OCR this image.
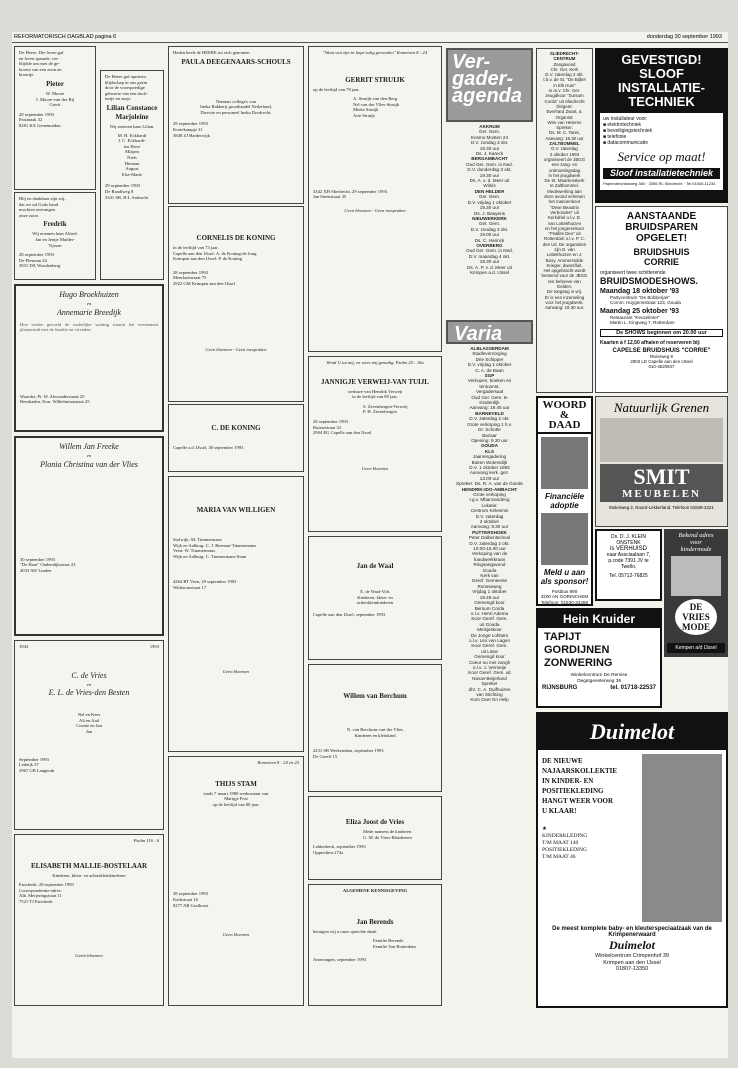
REFORMATORISCH DAGBLAD pagina 6	donderdag 30 september 1993
De Heere, Die leven gaf
en leven spaarde, ver-
blijdde ons met de ge-
boorte van een zoon en
broertje.
Pieter
W. Moore
J. Moore-van der Bij
Gerrit
28 september 1993
Pastinaak 32
8281 KX Genemuiden
De Heere gaf opnieuw
blijdschap in ons gezin
door de voorspoedige
geboorte van een doch-
tertje en zusje
Lilian Constance Marjoleine
Wij noemen haar Lilian.
M. H. Eckhardt
J. C. Eckhardt-
ten Hove
Mirjam
Niels
Herman
August
Else-Marie
29 september 1993
De Raadtweg 8
3341 SB, H.I. Ambacht
Blij en dankbaar zijn wij,
dat we uit Gods hand
mochten ontvangen
onze zoon
Fredrik
Wij noemen hem Alfred.
Jan en Jentje Mulder-
Tijssen
28 september 1993
De Plesman 24
3931 DX Woudenberg
Hugo Broekhuizen
en
Annemarie Breedijk
Hoe verder gevoeld de ouderlijke woning waarin het evenement plaatsvindt met de familie en vrienden.
Waarder, Pr. W. Alexanderstraat 25
Beesbaden, Kon. Wilhelminastraat 25
Willem Jan Freeke
en
Plonia Christina van der Vlies
30 september 1993
"De Haar" Oudendijkstraat 23
4033 AW Linden
1943	1993
C. de Vries
en
E. L. de Vries-den Besten
Nel en Kees
Ali en Aad
Coenie en Jan
Jan
September 1993
Ledeijk 37
2967 GB Langerak
Psalm 116 : 6
ELISABETH MALLIE-BOSTELAAR
Kinderen, klein- en achterkleinkinderen
Enschede, 28 september 1993
Correspondentie-adres:
Alb. Meijeringstraat 11
7521 TJ Enschede
Gezin bloemen
Heden heeft de HEERE tot zich genomen
PAULA DEEGENAARS-SCHOULS
Namens collega's van
Ineka Bakkerij groothandel Nederland,
Directie en personeel Ineka Dordrecht.
29 september 1993
Kortekampje 21
3848 ZJ Harderwijk
CORNELIS DE KONING
in de leeftijd van 73 jaar.
Capelle aan den IJssel: A. de Koning-de Jong
Krimpen aan den IJssel: P. de Koning
28 september 1993
Meerkoetstraat 75
2922 GM Krimpen aan den IJssel
Geen bloemen - Geen toespraken
C. DE KONING
Capelle a.d. IJssel, 30 september 1993
MARIA VAN WILLIGEN
Stolwijk: M. Timmermans
Wijk en Aalburg: C. J. Beeman-Timmermans
Veen: W. Timmermans
Wijk en Aalburg: C. Timmermans-Stam
4264 RT Veen, 29 september 1993
Withoornstraat 17
Geen bloemen
Romeinen 8 : 24 en 25
THIJS STAM
sinds 7 maart 1980 weduwnaar van
Marigje Post
op de leeftijd van 80 jaar.
28 september 1993
Kerkstraat 16
8277 AB Grafhorst
Geen bloemen
"Want wat zijn in hope zalig geworden" Romeinen 8 : 24
GERRIT STRUIJK
op de leeftijd van 78 jaar.
A. Struijk-van den Berg
Nel van der Vlies-Struijk
Mieke Struijk
Arie Struijk
3342 XH Sliedrecht, 29 september 1993
Jan Steenstraat 35
Geen bloemen - Geen toespraken
Wend U tot mij, en wees mij genadig. Psalm 25 : 16a
JANNIGJE VERWEIJ-VAN TUIJL
weduwe van Hendrik Verweij
in de leeftijd van 89 jaar.
S. Zevenbergen-Verweij
P. H. Zevenbergen
28 september 1993
Ruissestraat 33
2904 EG Capelle aan den IJssel
Geen bloemen
Jan de Waal
E. de Waal-Vols
Kinderen, klein- en
achterkleinkinderen
Capelle aan den IJssel, september 1993
Willem van Berchum
N. van Berchum-van der Vlies
Kinderen en kleinkind
4231 SB Werkendam, september 1993
De Greeff 15
Eliza Joost de Vries
Mede namens de kinderen
G. M. de Vries-Blaisbeeen
Lekkerkerk, september 1993
Opperdiest 274a
ALGEMENE KENNISGEVING
Jan Berends
betuigen wij u onze oprechte dank.
Familie Berends
Familie Van Rotterdam
Amerongen, september 1993
Ver-gader-agenda
AKKRUM
Ger. Gem.
Kosmo Mosten 24
D.V. zondag 3 okt.
18.30 uur
Ds. J. Kareck
BERGAMBACHT
Oud Ger. Gem. in Ned.
D.V. donderdag 3 okt.
19.30 uur
Ds. A. v. d. Meer uit
Wilnis
DEN HELDER
Ger. Gem.
D.V. vrijdag 1 oktober
19.30 uur
Ds. J. Baayens
NIEUWERKERK
Ger. Gem.
D.V. zondag 3 okt.
19.00 uur
Ds. C. Harinck
OVERBERG
Oud Ger. Gem. in Ned.
D.V. maandag 4 okt.
19.30 uur
Ds. A. P. v. d. Meer uit
Krimpen a.d. IJssel
Varia
ALBLASSERDAM
Stadleverzorging
Drie Schipper
D.V. vrijdag 1 oktober
C. A. de Baan
SGP
Verkopen, boeken en
tentoonst.
Vergadersaal
Oud Ger. Gem. te
Kinderdijk
Aanvang: 19.45 uur
BARNEVELD
D.V. zaterdag 2 okt.
Grote verkoping 1 h.v.
Dr. Schotte
Bazaar
Opening: 9.30 uur
GOUDA
KLS
Jaarvergadering
Buiten Wotersdijk
D.V. 1 oktober 1993
Aanvang kerk. gez.
13.00 uur
Spreker: Ds. R. A. van de Goede
HENDRIK-IDO-AMBACHT
Grote verkoping
t.g.v. Mbanzandeng
Lokatie:
Centrum Kelesmin
D.V. zaterdag
2 oktober
Aanvang: 9.30 uur
PUTTERSHOEK
Peter Dalbentschool
D.V. zaterdag 2 okt.
10.00-15.00 uur
Verkoping van de
handwerkkraan
Ringsangavond
Gouda
Kerk van
Geref. Gemeente
Ronsseweg
Vrijdag 1 oktober
19.45 uur
Gemengd koor
Bersum Corda
o.l.v. Henri Adema
Koor Geref. Gem.
uit Gouda
Meisjeskoor
De Jonge Lofstem
o.l.v. Leo van Lagen
Koor Geref. Gem.
uit Lisse
Gemengd koor
Coeur ou mei zangh
o.l.v. J. Vermeije
Koor Geref. Gem. uit
Nieuw-Beijerland
Spreker
dhr. C. A. Duifhuizen
van Stichting
Kom Over En Help
SLIEDRECHT-
CENTRUM
Zangavond
Chr. Ger. Kerk
D.V. zaterdag 2 okt.
t.b.v. de St. "De Bijbel
in Elk Huis"
m.m.v. Chr. Ger.
Jeugdkoor "Sursum
Corda" uit Sliedrecht
Dirigent:
Everhard Zwart, a.
Organist:
Wim van Heteren
Spreker:
Ds. M. C. Tanis,
Aanvang: 19.30 uur
ZALTBOMMEL
D.V. zaterdag
2 oktober 1993
organiseert de JBGG
een zang- en
ontmoetingsdag
in het jeugdwerk
De St. Maartenskerk
te Zaltbommel.
Medewerking aan
deze avond verlenen
het mannenkoor
"Dese Beautrix
Verbonden" uit
Kerkdriel o.l.v. D.
van Lottekhuizen
en het jongerenkoor
"Psallite Deo" uit
Rotterdam o.l.v. P. C.
den Uil. De organisten
zijn D. van
Lottekhuizen en J.
Bosy. Ammerstolde
Krieger, dwarsfluit.
Het opgebracht wordt
bestemd voor de JBGG
ten behoeve van
Gelden.
De toegang is vrij.
Er is een inzameling
voor het jeugdwerk.
Aanvang: 19.30 uur.
GEVESTIGD! SLOOF INSTALLATIE-TECHNIEK
uw installateur voor:
■ elektrotechniek
■ beveiligingstechniek
■ telefonie
■ datacommunicatie
Service op maat!
Sloof installatietechniek
Papendrechtseweg 384 · 3356 RL Sliedrecht · Tel 01840-11234
AANSTAANDE
BRUIDSPAREN
OPGELET!
BRUIDSHUIS
CORRIE
organiseert twee schitterende
BRUIDSMODESHOWS.
Maandag 18 oktober '93
Partycentrum "De Bobberjan"
Comm. Huygensstraat 123, Gouda
Maandag 25 oktober '93
Restaurant "Keuzelinter"
Martin L. Kingweg 7, Rotterdam
De SHOWS beginnen om 20.00 uur
Kaarten à f 12,50 afhalen of reserveren bij:
CAPELSE BRUIDSHUIS "CORRIE"
Rivierweg 9
2903 LD Capelle aan den IJssel
010-4520947
WOORD
&
DAAD
Financiële adoptie
Meld u aan als sponsor!
Postbus 990
4200 AN GORINCHEM
Telefoon: 01830-24288
Natuurlijk Grenen
SMIT
MEUBELEN
Molenweg 2, Noord-Lekkerland. Telefoon 01848-2221
Ds. D. J. KLEIN
ONSTENK
is VERHUISD
naar Assciaalaan 7,
p.code 7391 JV te
Twello.
Tel. 05712-76825
Bekend adres
voor
kindermode
DE VRIES MODE
Kempen a/d IJssel
Hein Kruider
TAPIJT
GORDIJNEN
ZONWERING
Winkelcentrum De Remise
Oegstgeesterweg 36
RIJNSBURG	tel. 01718-22537
Duimelot
DE NIEUWE
NAJAARSKOLLEKTIE
IN KINDER- EN
POSITIEKLEDING
HANGT WEER VOOR
U KLAAR!
★
KINDERKLEDING
T/M MAAT 140
POSITIEKLEDING
T/M MAAT 46
De meest komplete baby- en kleuterspeciaalzaak van de Krimpenerwaard
Duimelot
Winkelcentrum Crimpenhof 39
Krimpen aan den IJssel
01807-13350
